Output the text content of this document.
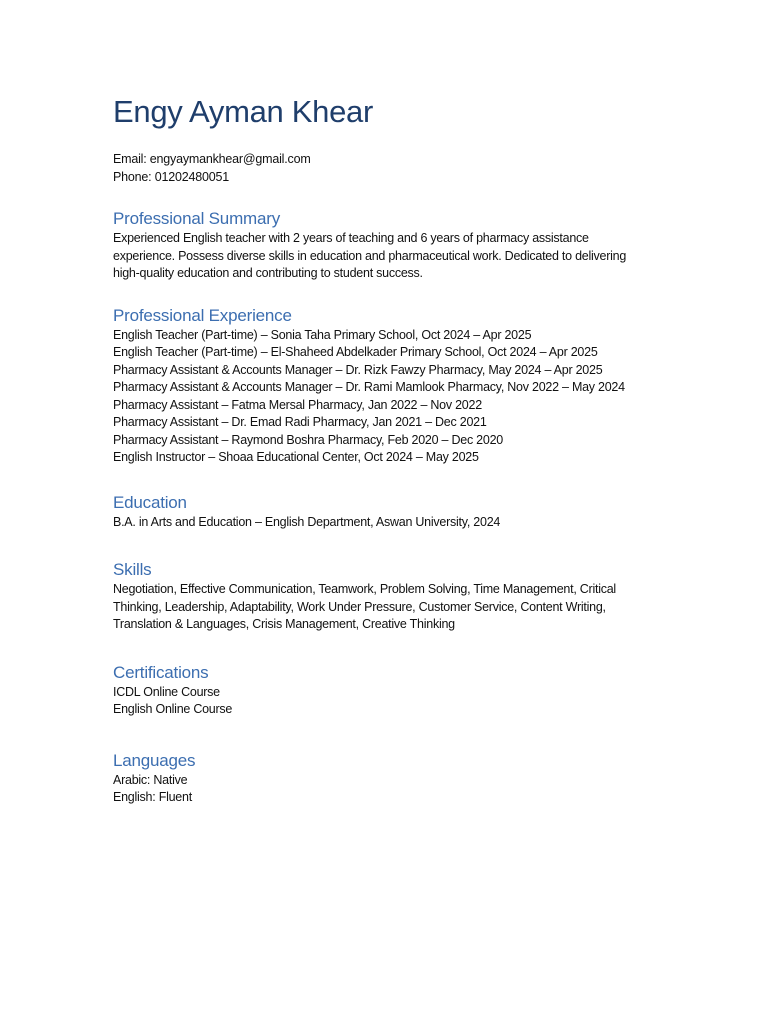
Engy Ayman Khear
Email: engyaymankhear@gmail.com
Phone: 01202480051
Professional Summary

Experienced English teacher with 2 years of teaching and 6 years of pharmacy assistance
experience. Possess diverse skills in education and pharmaceutical work. Dedicated to delivering
high-quality education and contributing to student success.

Professional Experience
English Teacher (Part-time) – Sonia Taha Primary School, Oct 2024 – Apr 2025
English Teacher (Part-time) – El-Shaheed Abdelkader Primary School, Oct 2024 – Apr 2025
Pharmacy Assistant & Accounts Manager – Dr. Rizk Fawzy Pharmacy, May 2024 – Apr 2025
Pharmacy Assistant & Accounts Manager – Dr. Rami Mamlook Pharmacy, Nov 2022 – May 2024
Pharmacy Assistant – Fatma Mersal Pharmacy, Jan 2022 – Nov 2022
Pharmacy Assistant – Dr. Emad Radi Pharmacy, Jan 2021 – Dec 2021
Pharmacy Assistant – Raymond Boshra Pharmacy, Feb 2020 – Dec 2020
English Instructor – Shoaa Educational Center, Oct 2024 – May 2025
Education
B.A. in Arts and Education – English Department, Aswan University, 2024
Skills

Negotiation, Effective Communication, Teamwork, Problem Solving, Time Management, Critical
Thinking, Leadership, Adaptability, Work Under Pressure, Customer Service, Content Writing,
Translation & Languages, Crisis Management, Creative Thinking

Certifications
ICDL Online Course
English Online Course
Languages
Arabic: Native
English: Fluent
